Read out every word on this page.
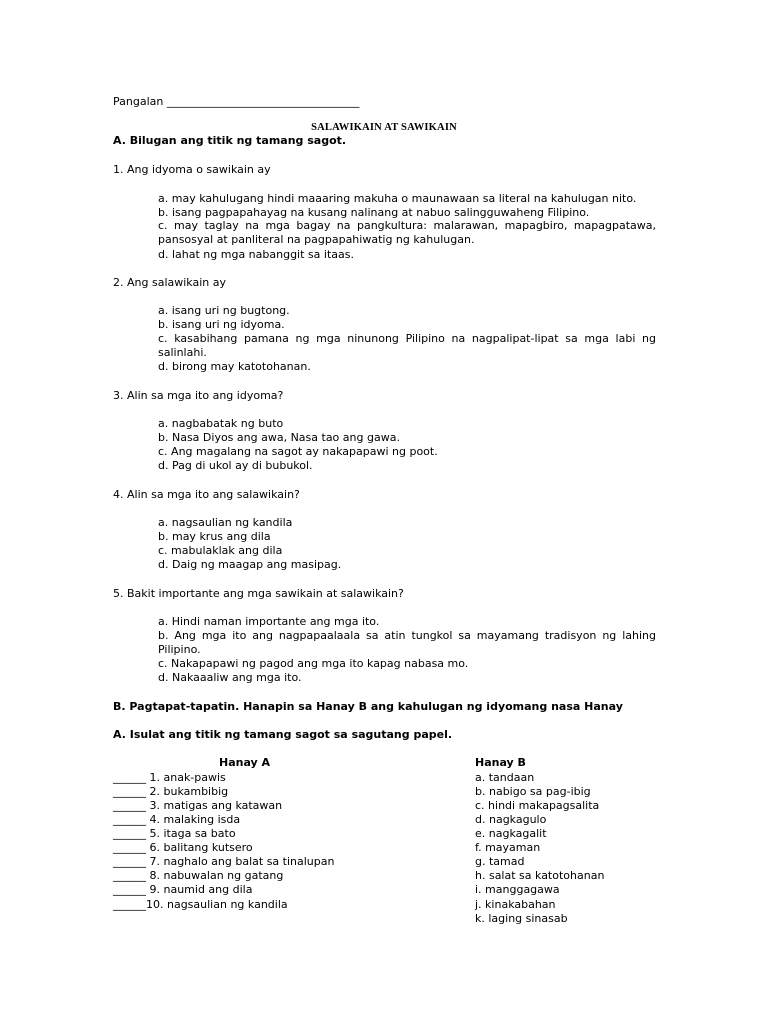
Pangalan ___________________________________
SALAWIKAIN AT SAWIKAIN
A. Bilugan ang titik ng tamang sagot.
1. Ang idyoma o sawikain ay
a. may kahulugang hindi maaaring makuha o maunawaan sa literal na kahulugan nito.
b. isang pagpapahayag na kusang nalinang at nabuo salingguwaheng Filipino.
c. may taglay na mga bagay na pangkultura: malarawan, mapagbiro, mapagpatawa, pansosyal at panliteral na pagpapahiwatig ng kahulugan.
d. lahat ng mga nabanggit sa itaas.
2. Ang salawikain ay
a. isang uri ng bugtong.
b. isang uri ng idyoma.
c. kasabihang pamana ng mga ninunong Pilipino na nagpalipat-lipat sa mga labi ng salinlahi.
d. birong may katotohanan.
3. Alin sa mga ito ang idyoma?
a. nagbabatak ng buto
b. Nasa Diyos ang awa, Nasa tao ang gawa.
c. Ang magalang na sagot ay nakapapawi ng poot.
d. Pag di ukol ay di bubukol.
4. Alin sa mga ito ang salawikain?
a. nagsaulian ng kandila
b. may krus ang dila
c. mabulaklak ang dila
d. Daig ng maagap ang masipag.
5. Bakit importante ang mga sawikain at salawikain?
a. Hindi naman importante ang mga ito.
b. Ang mga ito ang nagpapaalaala sa atin tungkol sa mayamang tradisyon ng lahing Pilipino.
c. Nakapapawi ng pagod ang mga ito kapag nabasa mo.
d. Nakaaaliw ang mga ito.
B. Pagtapat-tapatin. Hanapin sa Hanay B ang kahulugan ng idyomang nasa Hanay
A. Isulat ang titik ng tamang sagot sa sagutang papel.
Hanay A	Hanay B
______ 1. anak-pawis
______ 2. bukambibig
______ 3. matigas ang katawan
______ 4. malaking isda
______ 5. itaga sa bato
______ 6. balitang kutsero
______ 7. naghalo ang balat sa tinalupan
______ 8. nabuwalan ng gatang
______ 9. naumid ang dila
______10. nagsaulian ng kandila
a. tandaan
b. nabigo sa pag-ibig
c. hindi makapagsalita
d. nagkagulo
e. nagkagalit
f. mayaman
g. tamad
h. salat sa katotohanan
i. manggagawa
j. kinakabahan
k. laging sinasab
